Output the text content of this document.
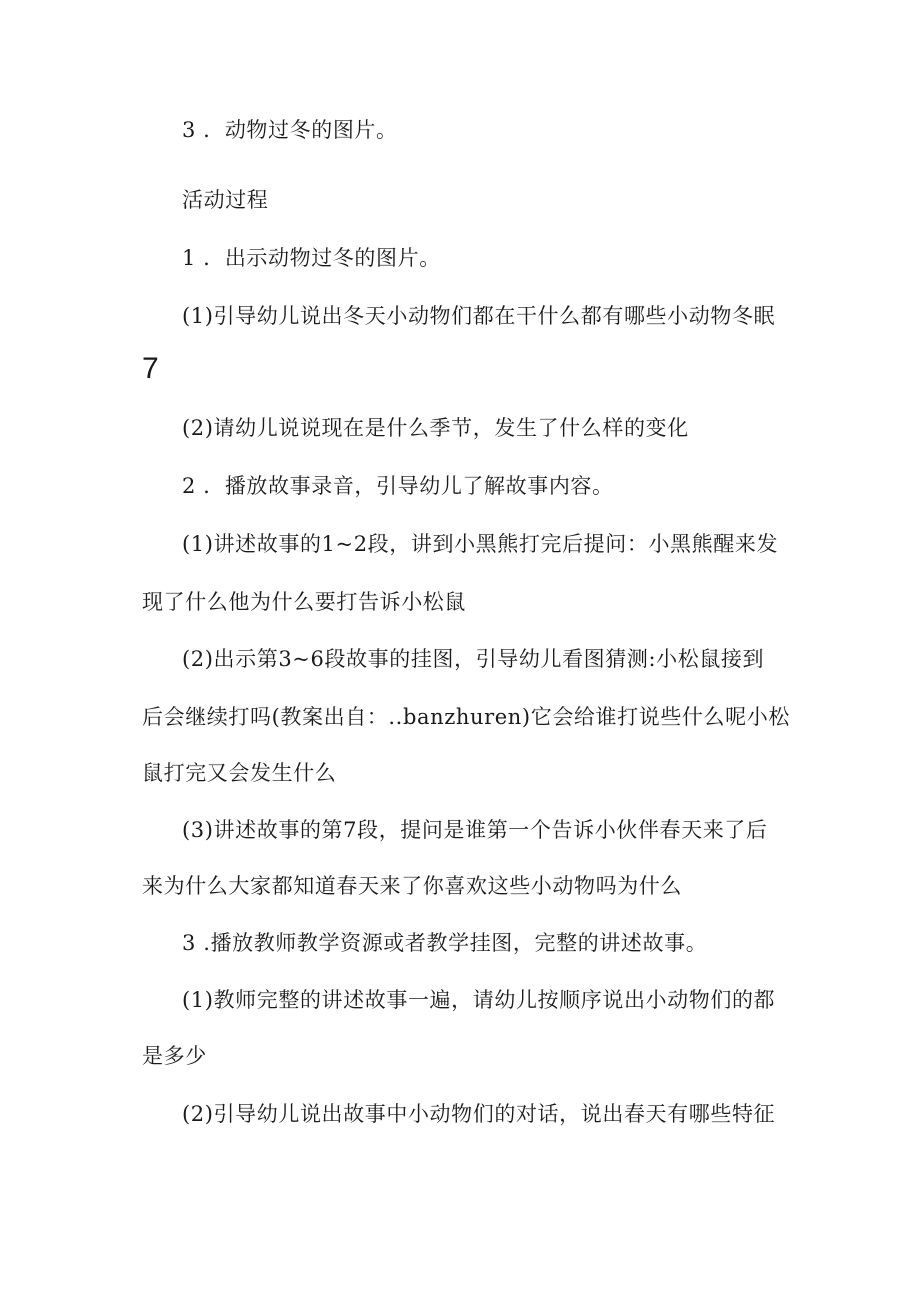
3 ．动物过冬的图片。
活动过程
1 ．出示动物过冬的图片。
(1)引导幼儿说出冬天小动物们都在干什么都有哪些小动物冬眠
7
(2)请幼儿说说现在是什么季节，发生了什么样的变化
2 ．播放故事录音，引导幼儿了解故事内容。
(1)讲述故事的1~2段，讲到小黑熊打完后提问：小黑熊醒来发
现了什么他为什么要打告诉小松鼠
(2)出示第3~6段故事的挂图，引导幼儿看图猜测:小松鼠接到
后会继续打吗(教案出自：..banzhuren)它会给谁打说些什么呢小松
鼠打完又会发生什么
(3)讲述故事的第7段，提问是谁第一个告诉小伙伴春天来了后
来为什么大家都知道春天来了你喜欢这些小动物吗为什么
3 .播放教师教学资源或者教学挂图，完整的讲述故事。
(1)教师完整的讲述故事一遍，请幼儿按顺序说出小动物们的都
是多少
(2)引导幼儿说出故事中小动物们的对话，说出春天有哪些特征
